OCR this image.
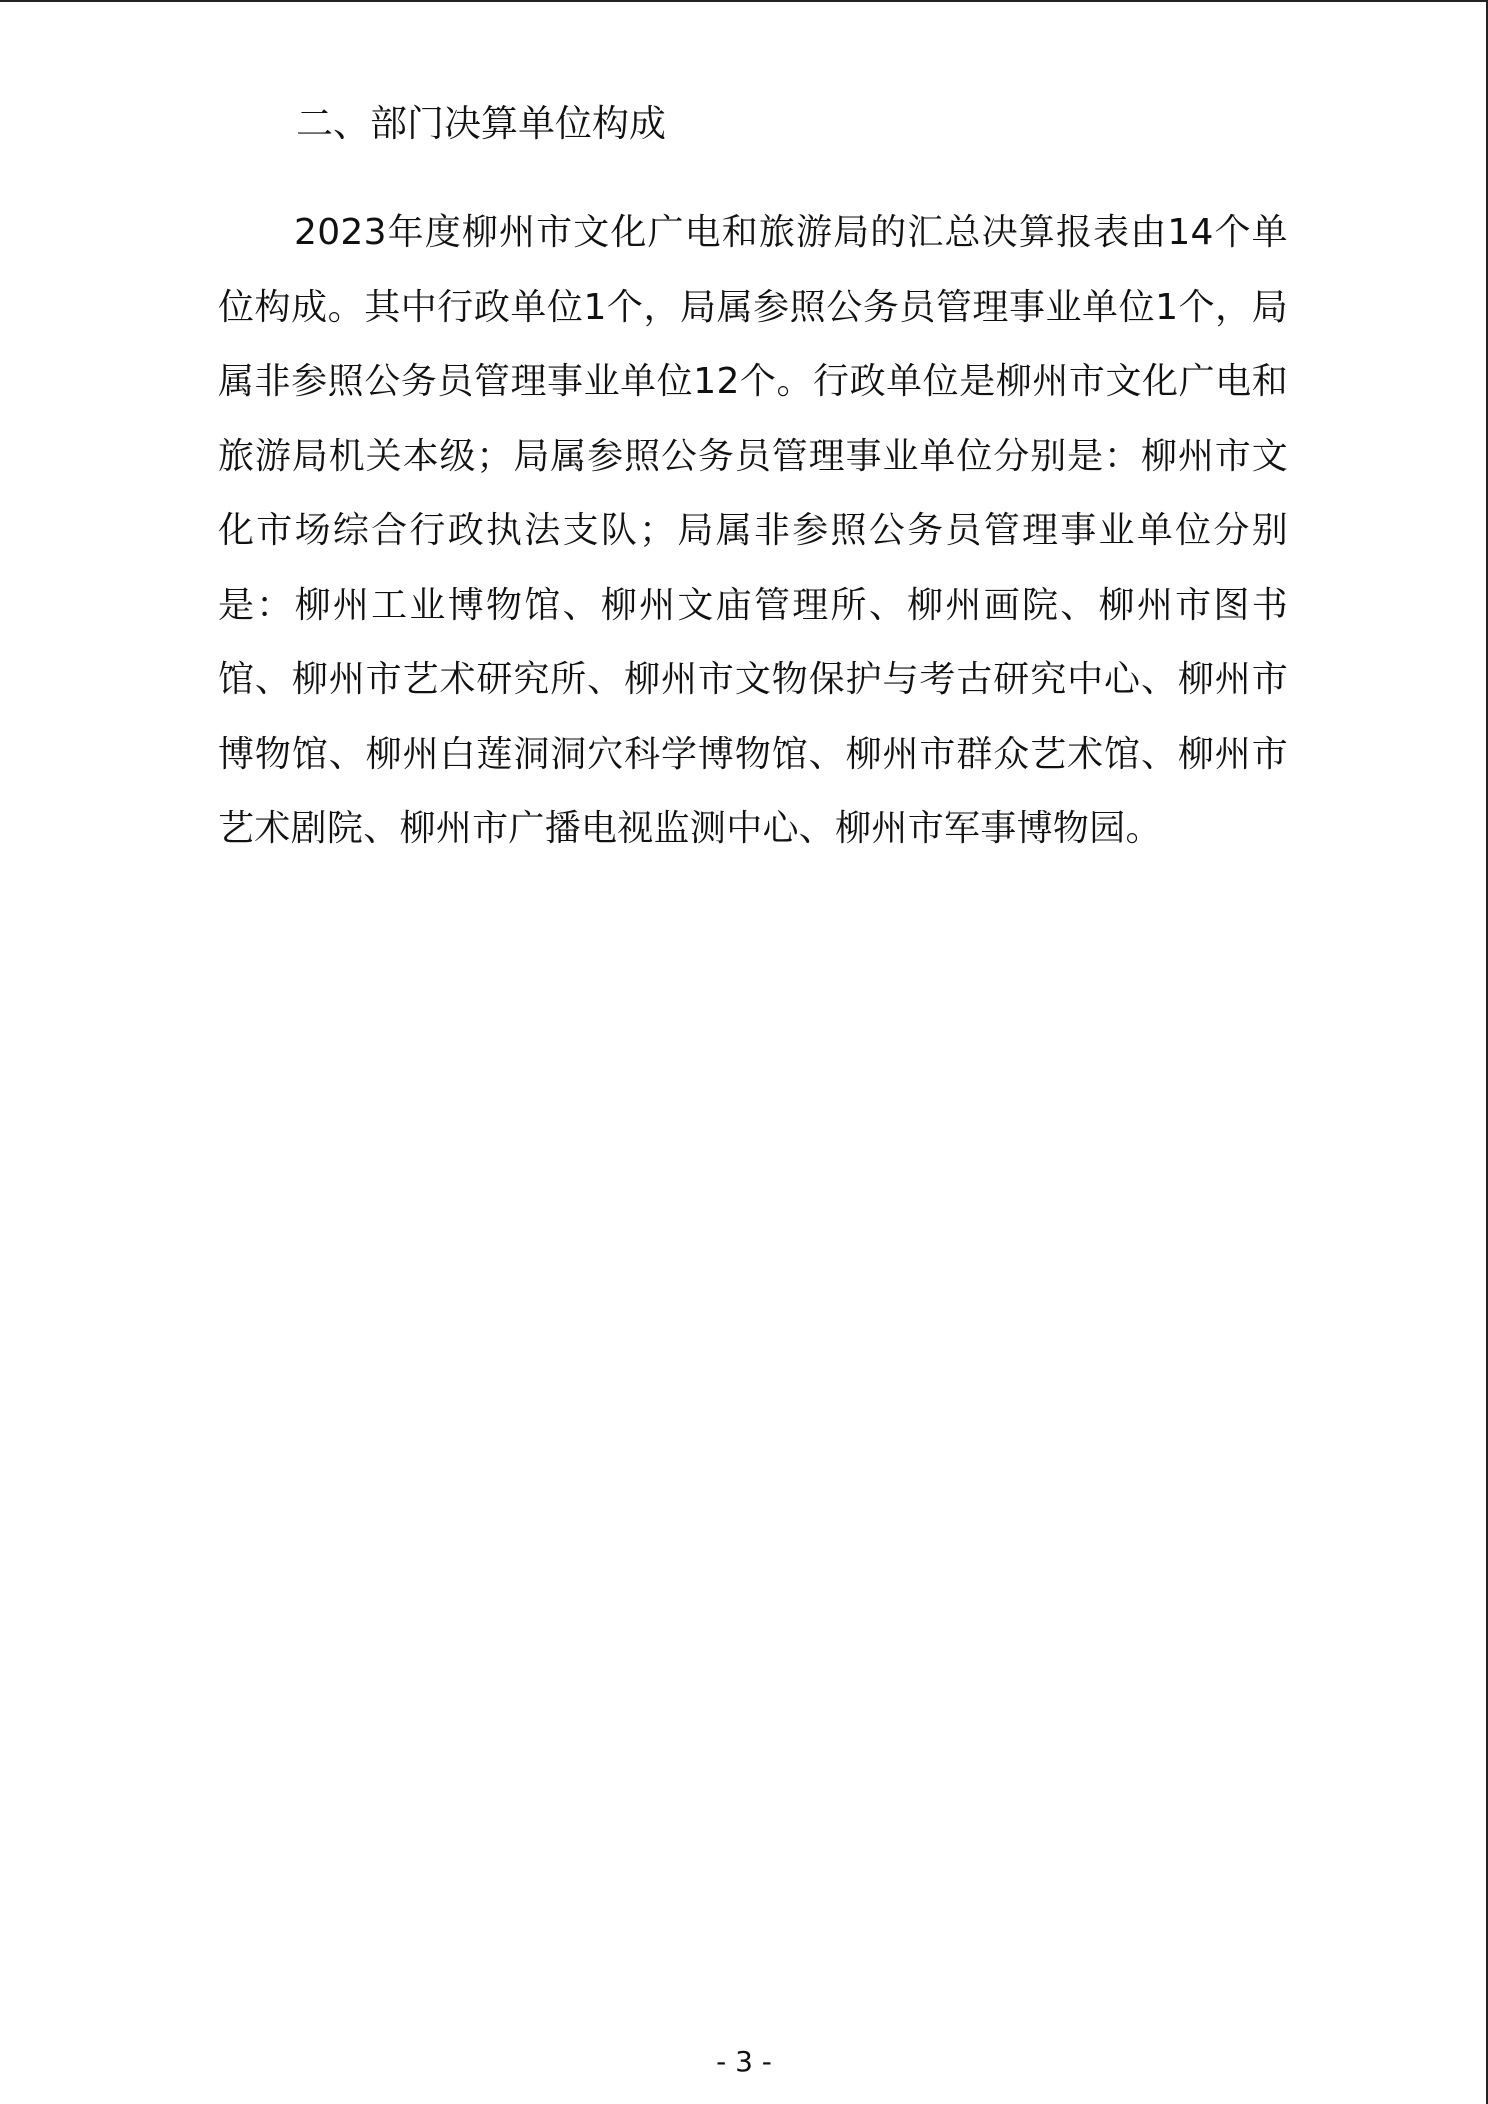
二、部门决算单位构成

2023年度柳州市文化广电和旅游局的汇总决算报表由14个单位构成。其中行政单位1个，局属参照公务员管理事业单位1个，局属非参照公务员管理事业单位12个。行政单位是柳州市文化广电和旅游局机关本级；局属参照公务员管理事业单位分别是：柳州市文化市场综合行政执法支队；局属非参照公务员管理事业单位分别是：柳州工业博物馆、柳州文庙管理所、柳州画院、柳州市图书馆、柳州市艺术研究所、柳州市文物保护与考古研究中心、柳州市博物馆、柳州白莲洞洞穴科学博物馆、柳州市群众艺术馆、柳州市艺术剧院、柳州市广播电视监测中心、柳州市军事博物园。

- 3 -
